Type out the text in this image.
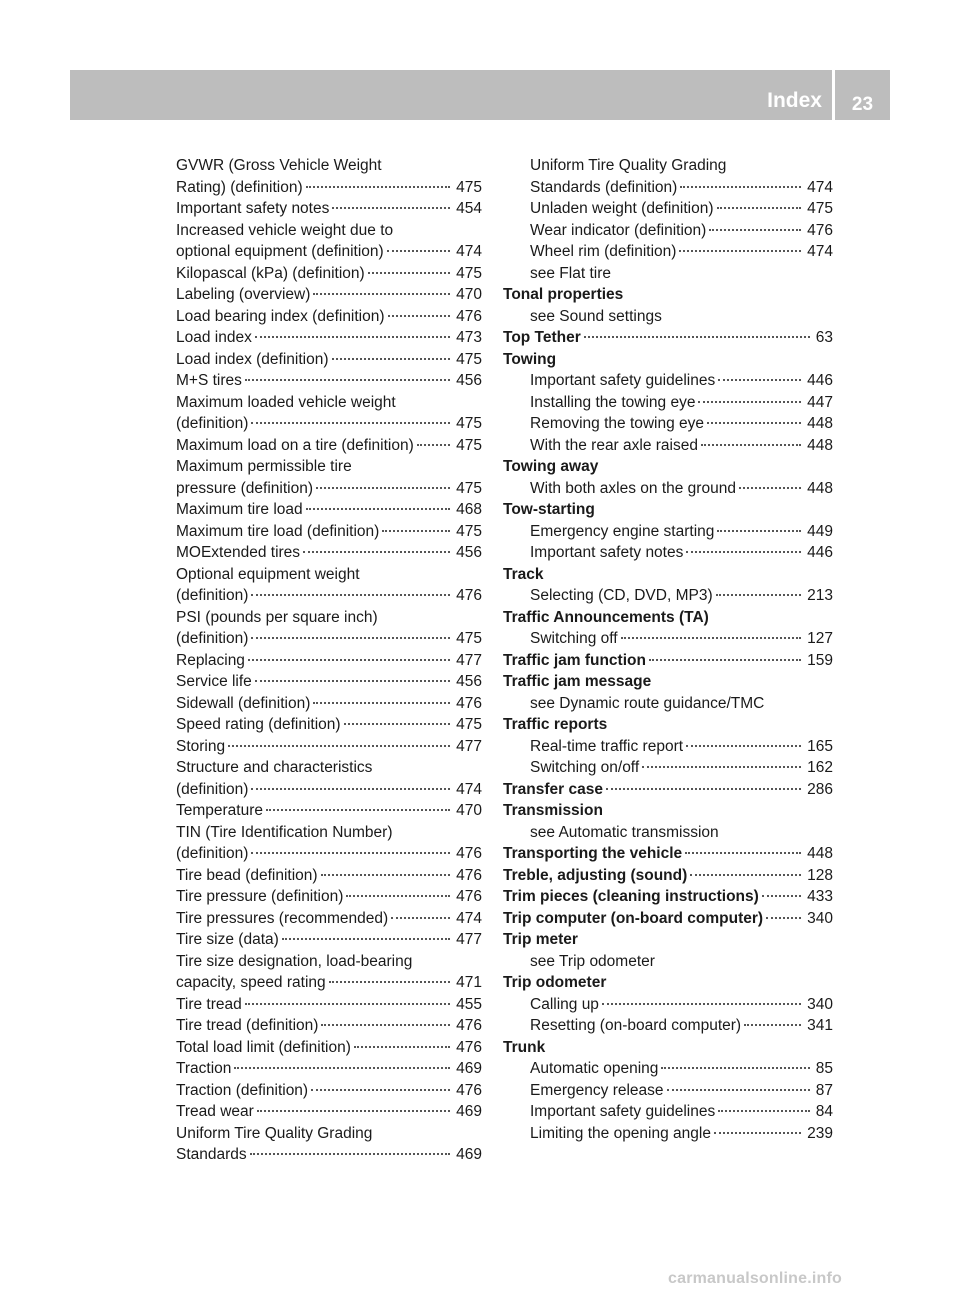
Index	23
GVWR (Gross Vehicle Weight
Rating) (definition)	475
Important safety notes	454
Increased vehicle weight due to
optional equipment (definition)	474
Kilopascal (kPa) (definition)	475
Labeling (overview)	470
Load bearing index (definition)	476
Load index	473
Load index (definition)	475
M+S tires	456
Maximum loaded vehicle weight
(definition)	475
Maximum load on a tire (definition)	475
Maximum permissible tire
pressure (definition)	475
Maximum tire load	468
Maximum tire load (definition)	475
MOExtended tires	456
Optional equipment weight
(definition)	476
PSI (pounds per square inch)
(definition)	475
Replacing	477
Service life	456
Sidewall (definition)	476
Speed rating (definition)	475
Storing	477
Structure and characteristics
(definition)	474
Temperature	470
TIN (Tire Identification Number)
(definition)	476
Tire bead (definition)	476
Tire pressure (definition)	476
Tire pressures (recommended)	474
Tire size (data)	477
Tire size designation, load-bearing
capacity, speed rating	471
Tire tread	455
Tire tread (definition)	476
Total load limit (definition)	476
Traction	469
Traction (definition)	476
Tread wear	469
Uniform Tire Quality Grading
Standards	469
Uniform Tire Quality Grading
Standards (definition)	474
Unladen weight (definition)	475
Wear indicator (definition)	476
Wheel rim (definition)	474
see Flat tire
Tonal properties
see Sound settings
Top Tether	63
Towing
Important safety guidelines	446
Installing the towing eye	447
Removing the towing eye	448
With the rear axle raised	448
Towing away
With both axles on the ground	448
Tow-starting
Emergency engine starting	449
Important safety notes	446
Track
Selecting (CD, DVD, MP3)	213
Traffic Announcements (TA)
Switching off	127
Traffic jam function	159
Traffic jam message
see Dynamic route guidance/TMC
Traffic reports
Real-time traffic report	165
Switching on/off	162
Transfer case	286
Transmission
see Automatic transmission
Transporting the vehicle	448
Treble, adjusting (sound)	128
Trim pieces (cleaning instructions)	433
Trip computer (on-board computer)	340
Trip meter
see Trip odometer
Trip odometer
Calling up	340
Resetting (on-board computer)	341
Trunk
Automatic opening	85
Emergency release	87
Important safety guidelines	84
Limiting the opening angle	239
carmanualsonline.info
